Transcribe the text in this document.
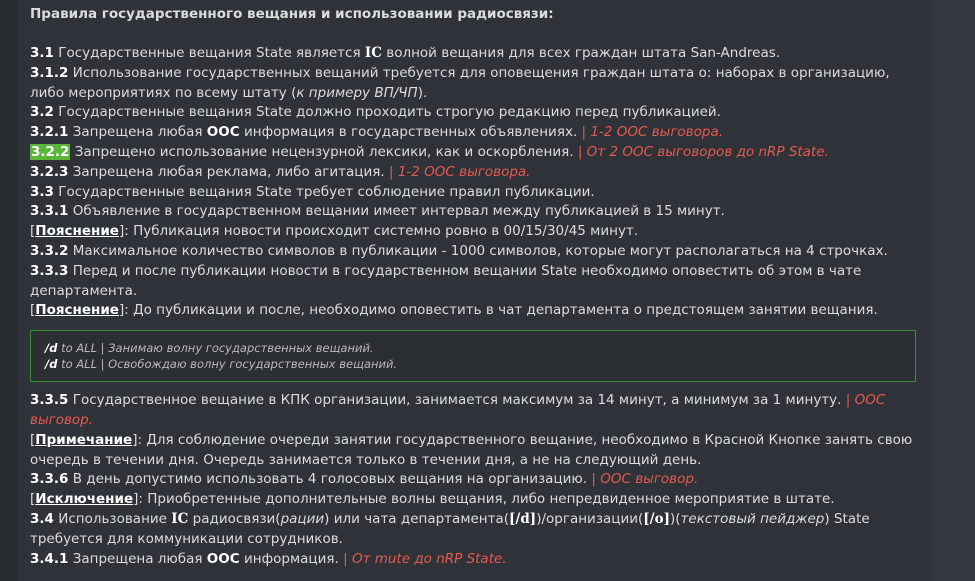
Правила государственного вещания и использовании радиосвязи:
3.1 Государственные вещания State является IC волной вещания для всех граждан штата San-Andreas.
3.1.2 Использование государственных вещаний требуется для оповещения граждан штата о: наборах в организацию, либо мероприятиях по всему штату (к примеру ВП/ЧП).
3.2 Государственные вещания State должно проходить строгую редакцию перед публикацией.
3.2.1 Запрещена любая OOC информация в государственных объявлениях. | 1-2 OOC выговора.
3.2.2 Запрещено использование нецензурной лексики, как и оскорбления. | От 2 OOC выговоров до nRP State.
3.2.3 Запрещена любая реклама, либо агитация. | 1-2 OOC выговора.
3.3 Государственные вещания State требует соблюдение правил публикации.
3.3.1 Объявление в государственном вещании имеет интервал между публикацией в 15 минут.
[Пояснение]: Публикация новости происходит системно ровно в 00/15/30/45 минут.
3.3.2 Максимальное количество символов в публикации - 1000 символов, которые могут располагаться на 4 строчках.
3.3.3 Перед и после публикации новости в государственном вещании State необходимо оповестить об этом в чате департамента.
[Пояснение]: До публикации и после, необходимо оповестить в чат департамента о предстоящем занятии вещания.
/d to ALL | Занимаю волну государственных вещаний.
/d to ALL | Освобождаю волну государственных вещаний.
3.3.5 Государственное вещание в КПК организации, занимается максимум за 14 минут, а минимум за 1 минуту. | OOC выговор.
[Примечание]: Для соблюдение очереди занятии государственного вещание, необходимо в Красной Кнопке занять свою очередь в течении дня. Очередь занимается только в течении дня, а не на следующий день.
3.3.6 В день допустимо использовать 4 голосовых вещания на организацию. | OOC выговор.
[Исключение]: Приобретенные дополнительные волны вещания, либо непредвиденное мероприятие в штате.
3.4 Использование IC радиосвязи(рации) или чата департамента([/d])/организации([/o])(текстовый пейджер) State требуется для коммуникации сотрудников.
3.4.1 Запрещена любая OOC информация. | От mute до nRP State.
